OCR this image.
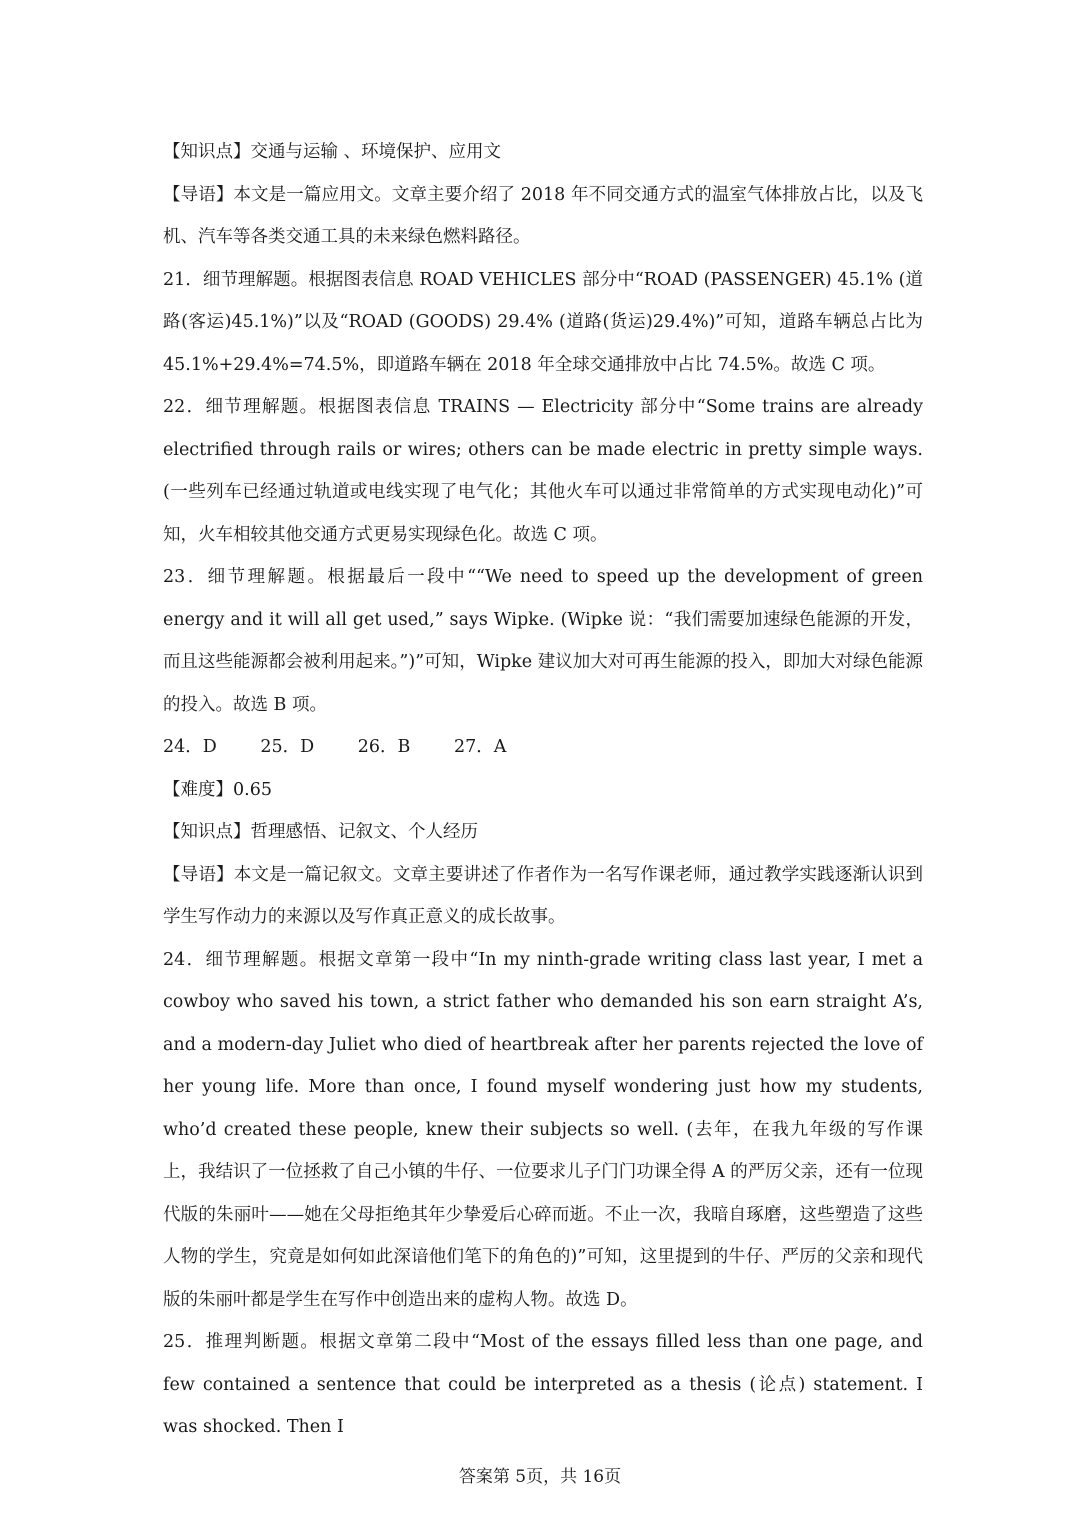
【知识点】交通与运输 、环境保护、应用文

【导语】本文是一篇应用文。文章主要介绍了 2018 年不同交通方式的温室气体排放占比，以及飞机、汽车等各类交通工具的未来绿色燃料路径。

21．细节理解题。根据图表信息 ROAD VEHICLES 部分中“ROAD (PASSENGER) 45.1% (道路(客运)45.1%)”以及“ROAD (GOODS) 29.4% (道路(货运)29.4%)”可知，道路车辆总占比为45.1%+29.4%=74.5%，即道路车辆在 2018 年全球交通排放中占比 74.5%。故选 C 项。

22．细节理解题。根据图表信息 TRAINS — Electricity 部分中“Some trains are already electrified through rails or wires; others can be made electric in pretty simple ways. (一些列车已经通过轨道或电线实现了电气化；其他火车可以通过非常简单的方式实现电动化)”可知，火车相较其他交通方式更易实现绿色化。故选 C 项。

23．细节理解题。根据最后一段中““We need to speed up the development of green energy and it will all get used,” says Wipke. (Wipke 说：“我们需要加速绿色能源的开发，而且这些能源都会被利用起来。”)”可知，Wipke 建议加大对可再生能源的投入，即加大对绿色能源的投入。故选 B 项。

24．D 25．D 26．B 27．A

【难度】0.65

【知识点】哲理感悟、记叙文、个人经历

【导语】本文是一篇记叙文。文章主要讲述了作者作为一名写作课老师，通过教学实践逐渐认识到学生写作动力的来源以及写作真正意义的成长故事。

24．细节理解题。根据文章第一段中“In my ninth-grade writing class last year, I met a cowboy who saved his town, a strict father who demanded his son earn straight A’s, and a modern-day Juliet who died of heartbreak after her parents rejected the love of her young life. More than once, I found myself wondering just how my students, who’d created these people, knew their subjects so well. (去年，在我九年级的写作课上，我结识了一位拯救了自己小镇的牛仔、一位要求儿子门门功课全得 A 的严厉父亲，还有一位现代版的朱丽叶——她在父母拒绝其年少挚爱后心碎而逝。不止一次，我暗自琢磨，这些塑造了这些人物的学生，究竟是如何如此深谙他们笔下的角色的)”可知，这里提到的牛仔、严厉的父亲和现代版的朱丽叶都是学生在写作中创造出来的虚构人物。故选 D。

25．推理判断题。根据文章第二段中“Most of the essays filled less than one page, and few contained a sentence that could be interpreted as a thesis (论点) statement. I was shocked. Then I

答案第 5页，共 16页
